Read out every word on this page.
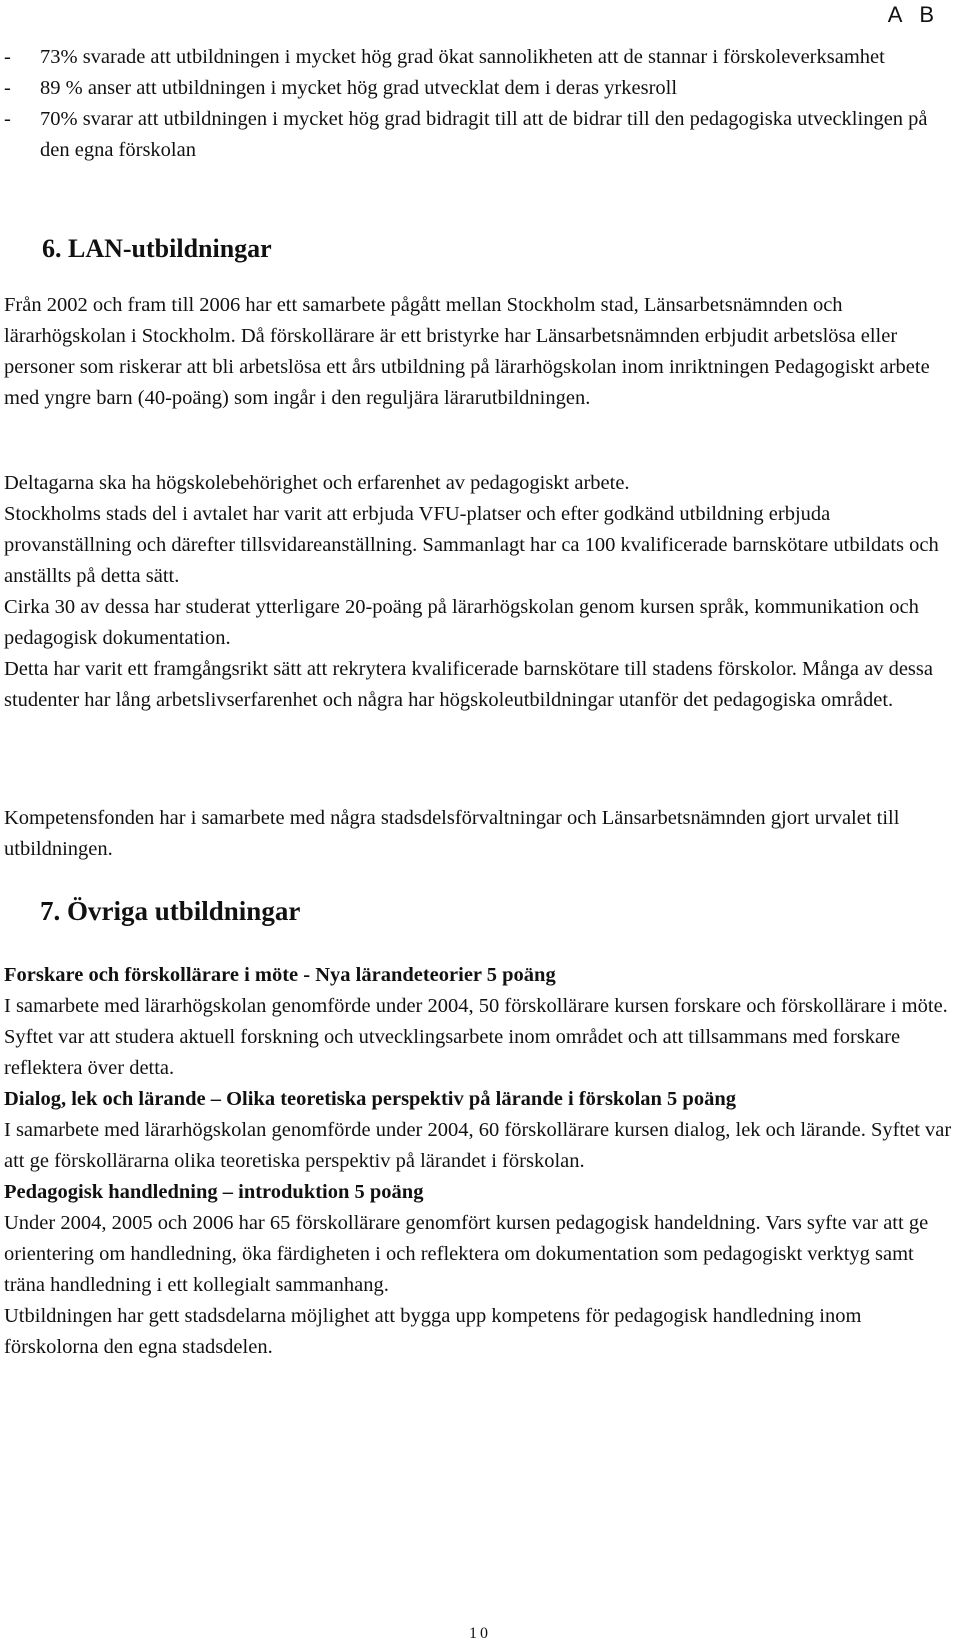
A B
-	73% svarade att utbildningen i mycket hög grad ökat sannolikheten att de stannar i förskoleverksamhet
-	89 % anser att utbildningen i mycket hög grad utvecklat dem i deras yrkesroll
-	70% svarar att utbildningen i mycket hög grad bidragit till att de bidrar till den pedagogiska utvecklingen på den egna förskolan
6. LAN-utbildningar

Från 2002 och fram till 2006 har ett samarbete pågått mellan Stockholm stad, Länsarbetsnämnden och lärarhögskolan i Stockholm. Då förskollärare är ett bristyrke har Länsarbetsnämnden erbjudit arbetslösa eller personer som riskerar att bli arbetslösa ett års utbildning på lärarhögskolan inom inriktningen Pedagogiskt arbete med yngre barn (40-poäng) som ingår i den reguljära lärarutbildningen.

Deltagarna ska ha högskolebehörighet och erfarenhet av pedagogiskt arbete.

Stockholms stads del i avtalet har varit att erbjuda VFU-platser och efter godkänd utbildning erbjuda provanställning och därefter tillsvidareanställning. Sammanlagt har ca 100 kvalificerade barnskötare utbildats och anställts på detta sätt.

Cirka 30 av dessa har studerat ytterligare 20-poäng på lärarhögskolan genom kursen språk, kommunikation och pedagogisk dokumentation.

Detta har varit ett framgångsrikt sätt att rekrytera kvalificerade barnskötare till stadens förskolor. Många av dessa studenter har lång arbetslivserfarenhet och några har högskoleutbildningar utanför det pedagogiska området.

Kompetensfonden har i samarbete med några stadsdelsförvaltningar och Länsarbetsnämnden gjort urvalet till utbildningen.

7. Övriga utbildningar

Forskare och förskollärare i möte - Nya lärandeteorier 5 poäng

I samarbete med lärarhögskolan genomförde under 2004, 50 förskollärare kursen forskare och förskollärare i möte. Syftet var att studera aktuell forskning och utvecklingsarbete inom området och att tillsammans med forskare reflektera över detta.

Dialog, lek och lärande – Olika teoretiska perspektiv på lärande i förskolan 5 poäng

I samarbete med lärarhögskolan genomförde under 2004, 60 förskollärare kursen dialog, lek och lärande. Syftet var att ge förskollärarna olika teoretiska perspektiv på lärandet i förskolan.

Pedagogisk handledning – introduktion 5 poäng

Under 2004, 2005 och 2006 har 65 förskollärare genomfört kursen pedagogisk handeldning. Vars syfte var att ge orientering om handledning, öka färdigheten i och reflektera om dokumentation som pedagogiskt verktyg samt träna handledning i ett kollegialt sammanhang.

Utbildningen har gett stadsdelarna möjlighet att bygga upp kompetens för pedagogisk handledning inom förskolorna den egna stadsdelen.

10
